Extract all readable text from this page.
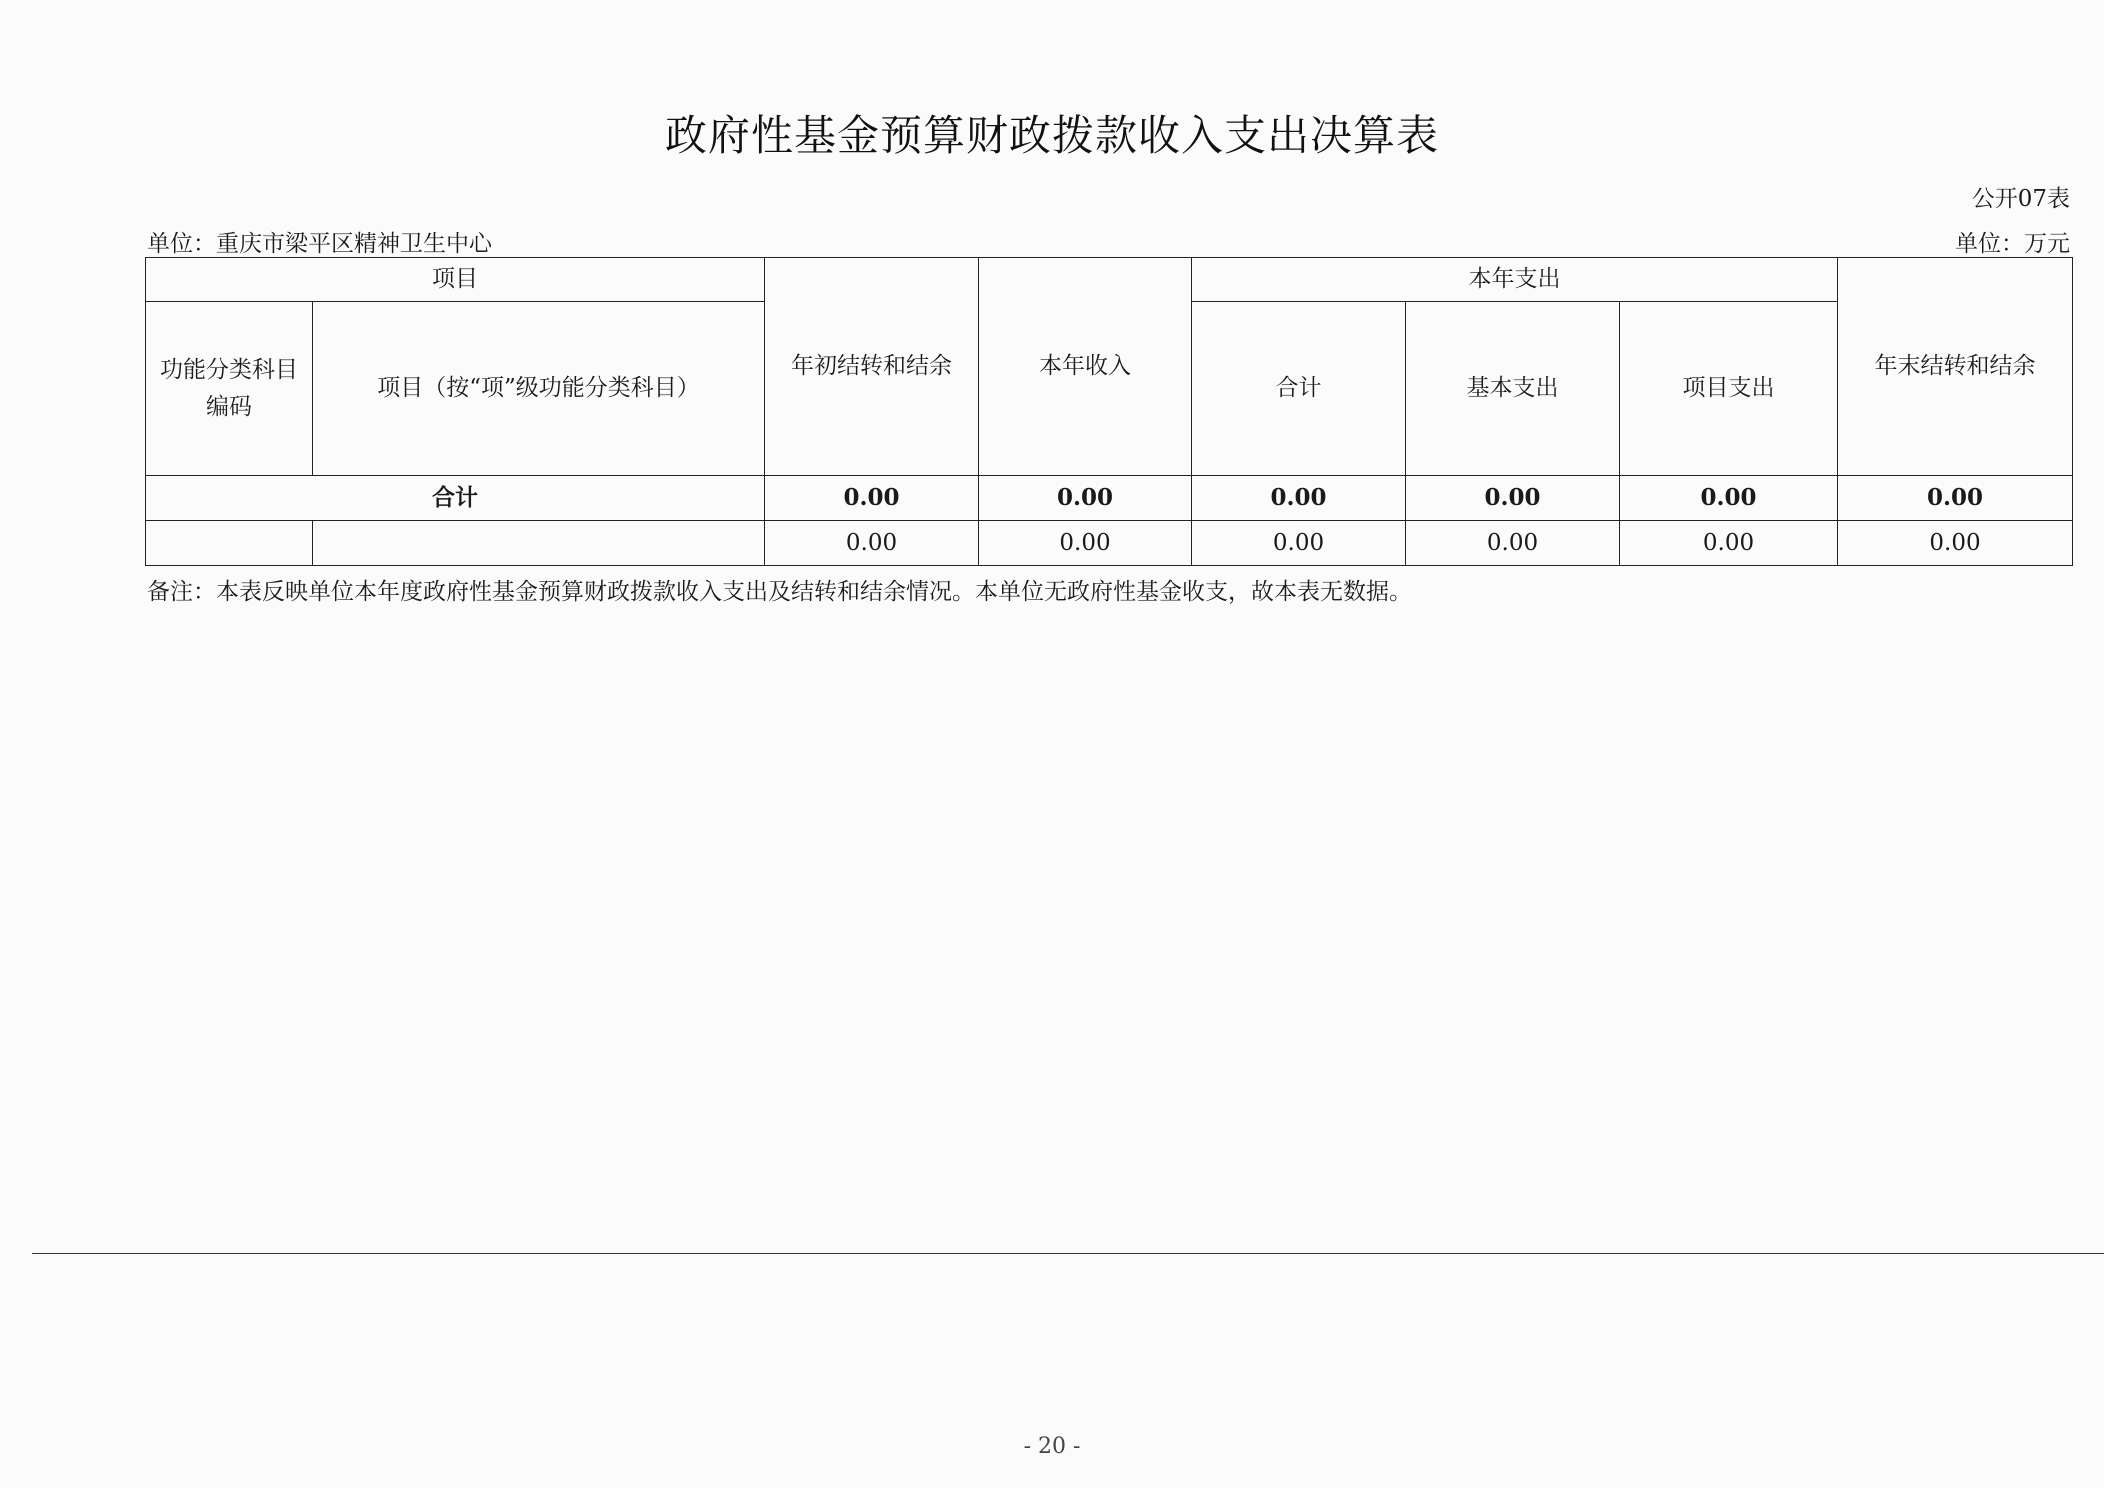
政府性基金预算财政拨款收入支出决算表
公开07表
单位：重庆市梁平区精神卫生中心	单位：万元
项目		年初结转和结余	本年收入	本年支出			年末结转和结余
功能分类科目编码	项目（按“项”级功能分类科目）			合计	基本支出	项目支出	
合计		0.00	0.00	0.00	0.00	0.00	0.00
		0.00	0.00	0.00	0.00	0.00	0.00
备注：本表反映单位本年度政府性基金预算财政拨款收入支出及结转和结余情况。本单位无政府性基金收支，故本表无数据。
- 20 -
